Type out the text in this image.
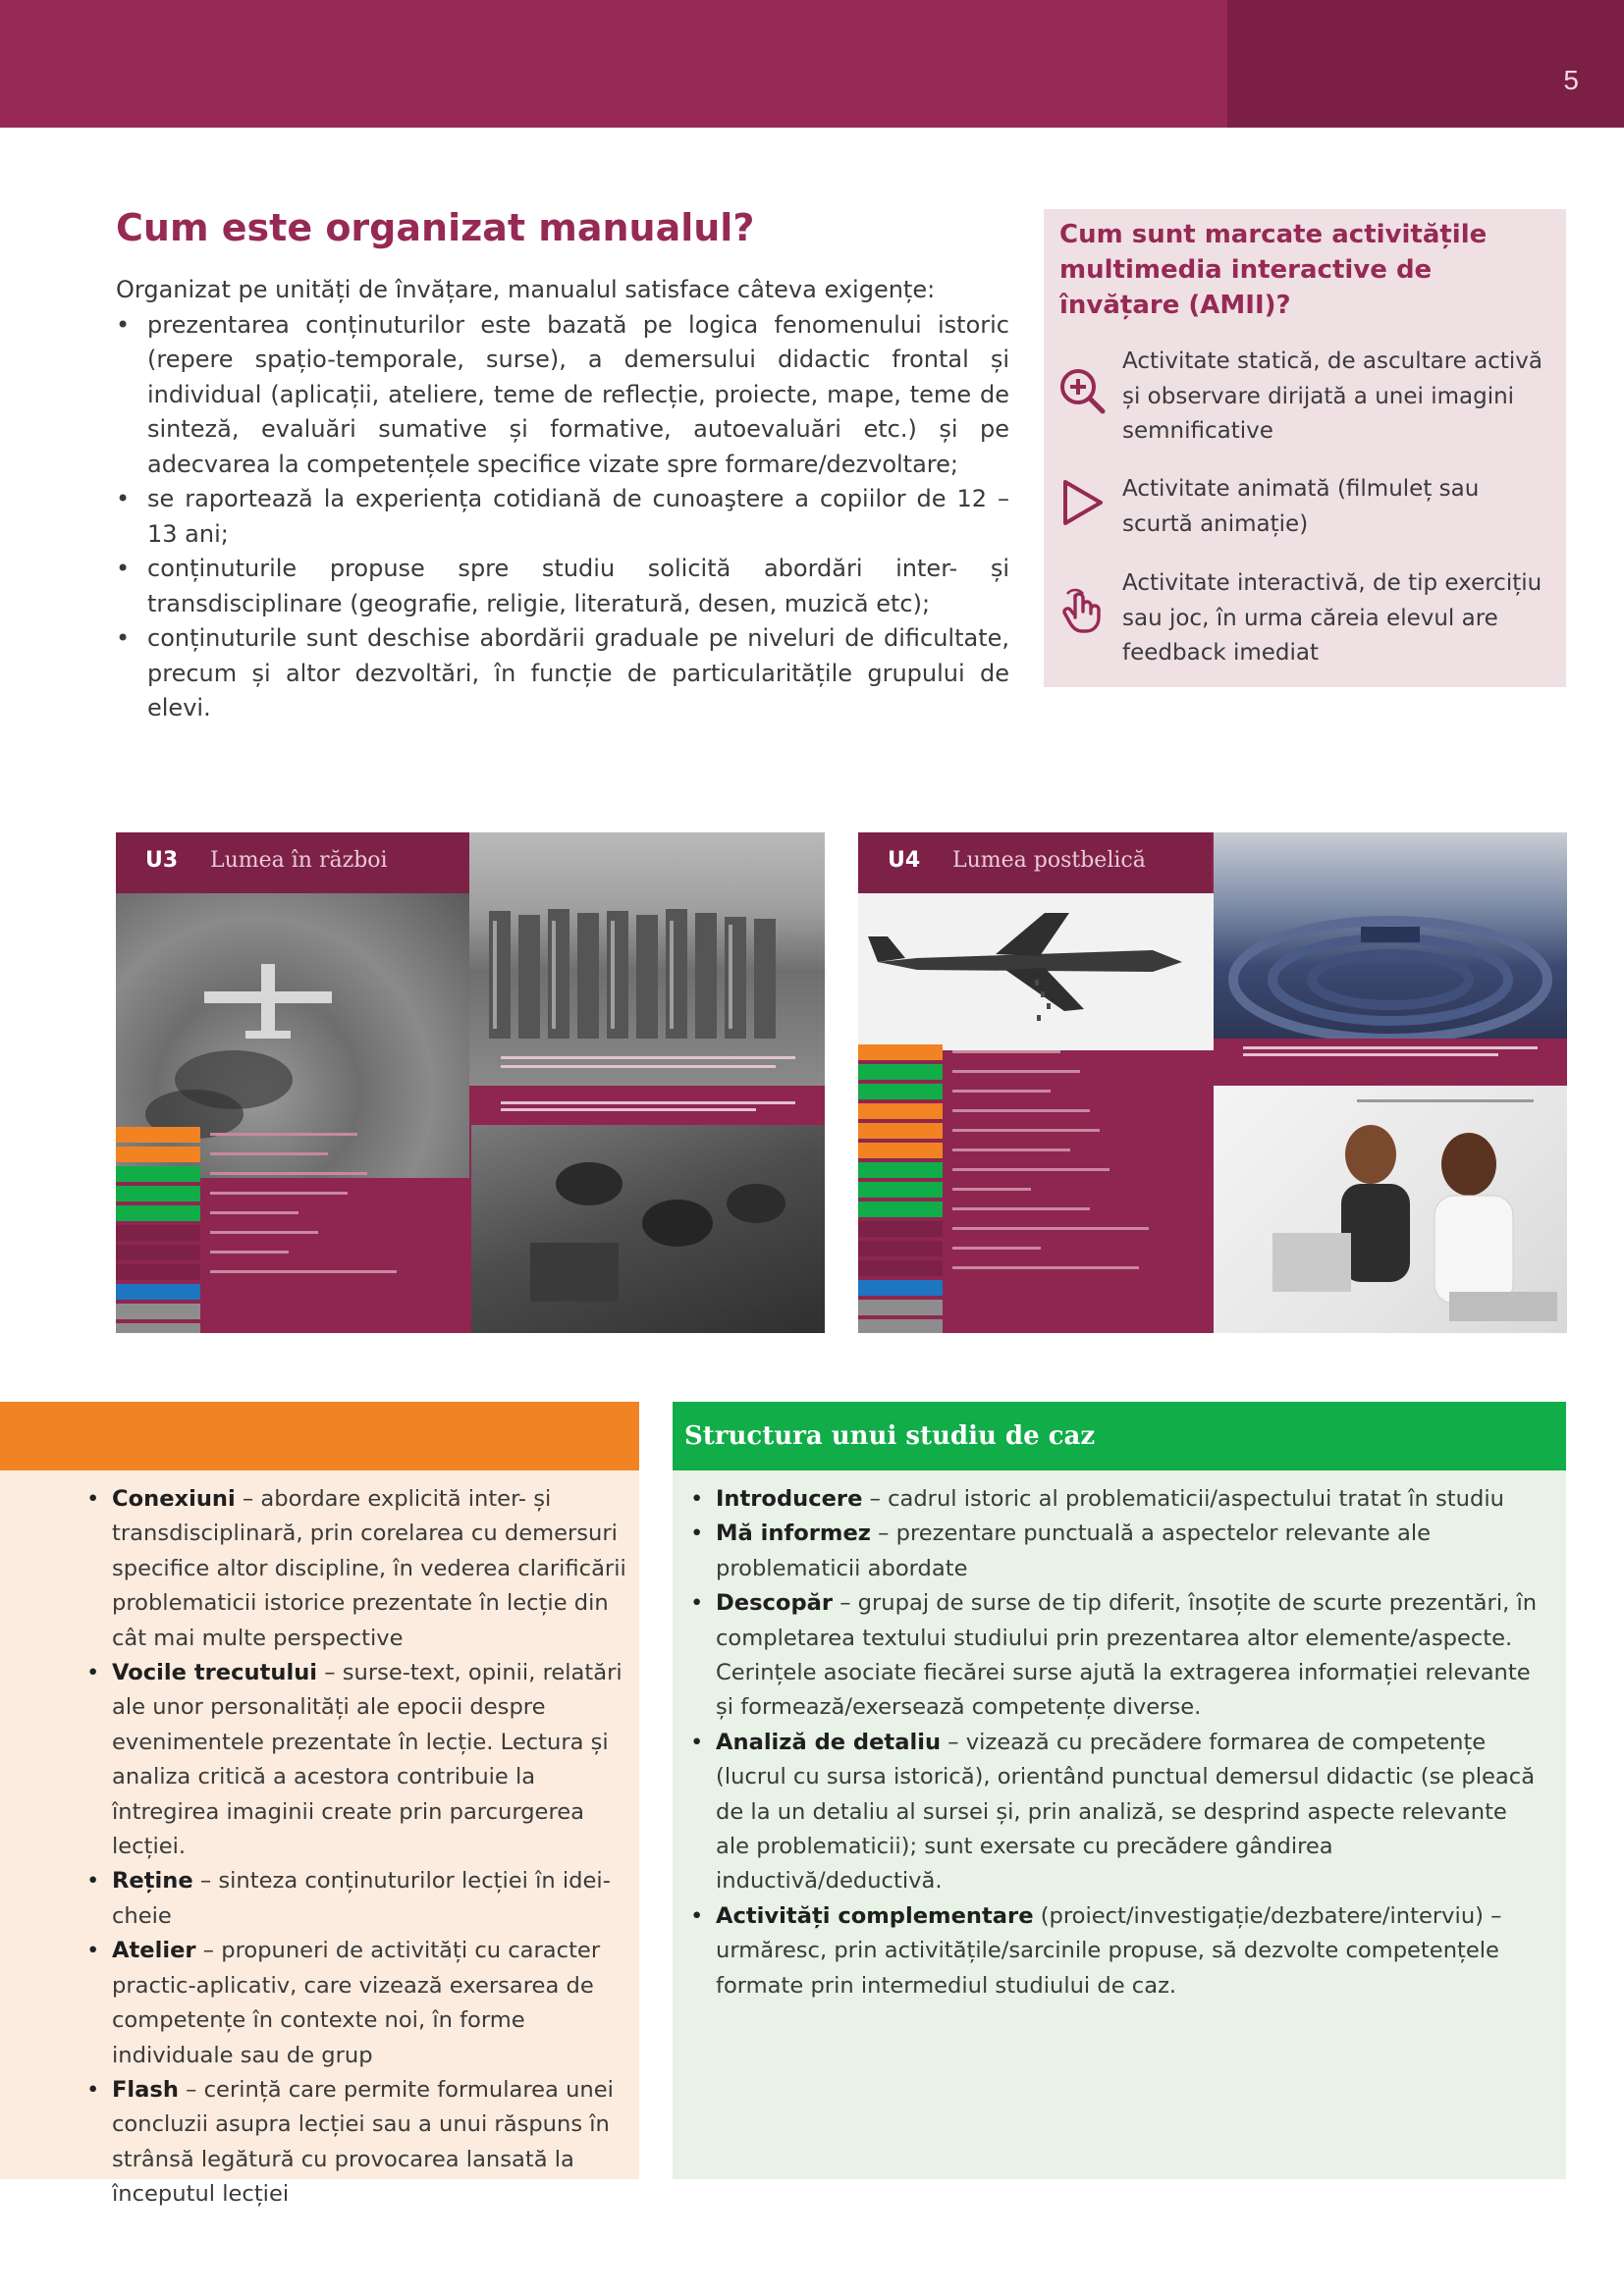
5
Cum este organizat manualul?
Organizat pe unități de învățare, manualul satisface câteva exigențe:
• prezentarea conținuturilor este bazată pe logica fenomenului istoric (repere spațio-temporale, surse), a demersului didactic frontal și individual (aplicații, ateliere, teme de reflecție, proiecte, mape, teme de sinteză, evaluări sumative și formative, autoevaluări etc.) și pe adecvarea la competențele specifice vizate spre formare/dezvoltare;
• se raportează la experiența cotidiană de cunoaştere a copiilor de 12 – 13 ani;
• conținuturile propuse spre studiu solicită abordări inter- și transdisciplinare (geografie, religie, literatură, desen, muzică etc);
• conținuturile sunt deschise abordării graduale pe niveluri de dificultate, precum și altor dezvoltări, în funcție de particularitățile grupului de elevi.
Cum sunt marcate activitățile multimedia interactive de învățare (AMII)?
Activitate statică, de ascultare activă și observare dirijată a unei imagini semnificative
Activitate animată (filmuleț sau scurtă animație)
Activitate interactivă, de tip exercițiu sau joc, în urma căreia elevul are feedback imediat
U3 Lumea în război	U4 Lumea postbelică
• Conexiuni – abordare explicită inter- și transdisciplinară, prin corelarea cu demersuri specifice altor discipline, în vederea clarificării problematicii istorice prezentate în lecție din cât mai multe perspective
• Vocile trecutului – surse-text, opinii, relatări ale unor personalități ale epocii despre evenimentele prezentate în lecție. Lectura și analiza critică a acestora contribuie la întregirea imaginii create prin parcurgerea lecției.
• Reține – sinteza conținuturilor lecției în idei-cheie
• Atelier – propuneri de activități cu caracter practic-aplicativ, care vizează exersarea de competențe în contexte noi, în forme individuale sau de grup
• Flash – cerință care permite formularea unei concluzii asupra lecției sau a unui răspuns în strânsă legătură cu provocarea lansată la începutul lecției
Structura unui studiu de caz
• Introducere – cadrul istoric al problematicii/aspectului tratat în studiu
• Mă informez – prezentare punctuală a aspectelor relevante ale problematicii abordate
• Descopăr – grupaj de surse de tip diferit, însoțite de scurte prezentări, în completarea textului studiului prin prezentarea altor elemente/aspecte. Cerințele asociate fiecărei surse ajută la extragerea informației relevante și formează/exersează competențe diverse.
• Analiză de detaliu – vizează cu precădere formarea de competențe (lucrul cu sursa istorică), orientând punctual demersul didactic (se pleacă de la un detaliu al sursei și, prin analiză, se desprind aspecte relevante ale problematicii); sunt exersate cu precădere gândirea inductivă/deductivă.
• Activități complementare (proiect/investigație/dezbatere/interviu) – urmăresc, prin activitățile/sarcinile propuse, să dezvolte competențele formate prin intermediul studiului de caz.
